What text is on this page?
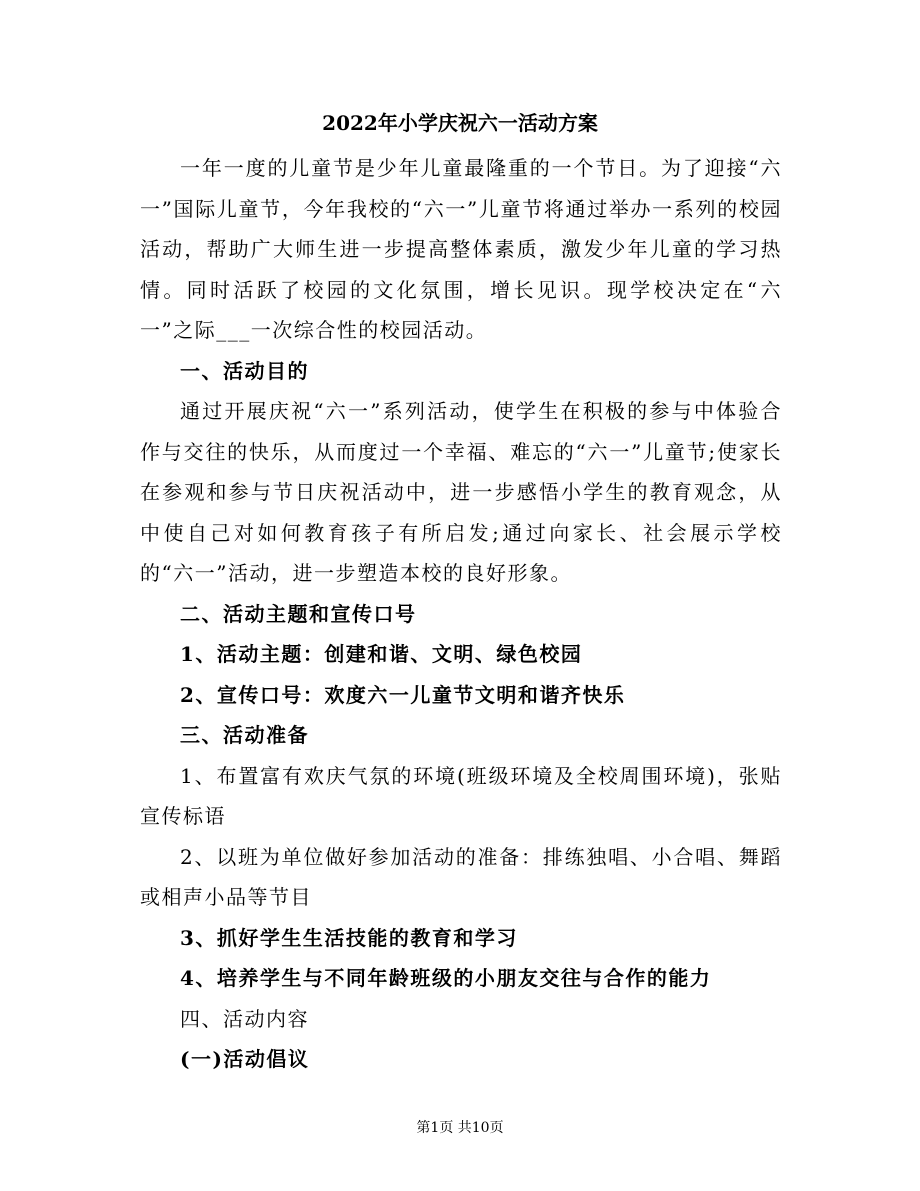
2022年小学庆祝六一活动方案

一年一度的儿童节是少年儿童最隆重的一个节日。为了迎接“六一”国际儿童节，今年我校的“六一”儿童节将通过举办一系列的校园活动，帮助广大师生进一步提高整体素质，激发少年儿童的学习热情。同时活跃了校园的文化氛围，增长见识。现学校决定在“六一”之际___一次综合性的校园活动。

一、活动目的

通过开展庆祝“六一”系列活动，使学生在积极的参与中体验合作与交往的快乐，从而度过一个幸福、难忘的“六一”儿童节;使家长在参观和参与节日庆祝活动中，进一步感悟小学生的教育观念，从中使自己对如何教育孩子有所启发;通过向家长、社会展示学校的“六一”活动，进一步塑造本校的良好形象。

二、活动主题和宣传口号

1、活动主题：创建和谐、文明、绿色校园

2、宣传口号：欢度六一儿童节文明和谐齐快乐

三、活动准备

1、布置富有欢庆气氛的环境(班级环境及全校周围环境)，张贴宣传标语

2、以班为单位做好参加活动的准备：排练独唱、小合唱、舞蹈或相声小品等节目

3、抓好学生生活技能的教育和学习

4、培养学生与不同年龄班级的小朋友交往与合作的能力

四、活动内容

(一)活动倡议

第1页 共10页
